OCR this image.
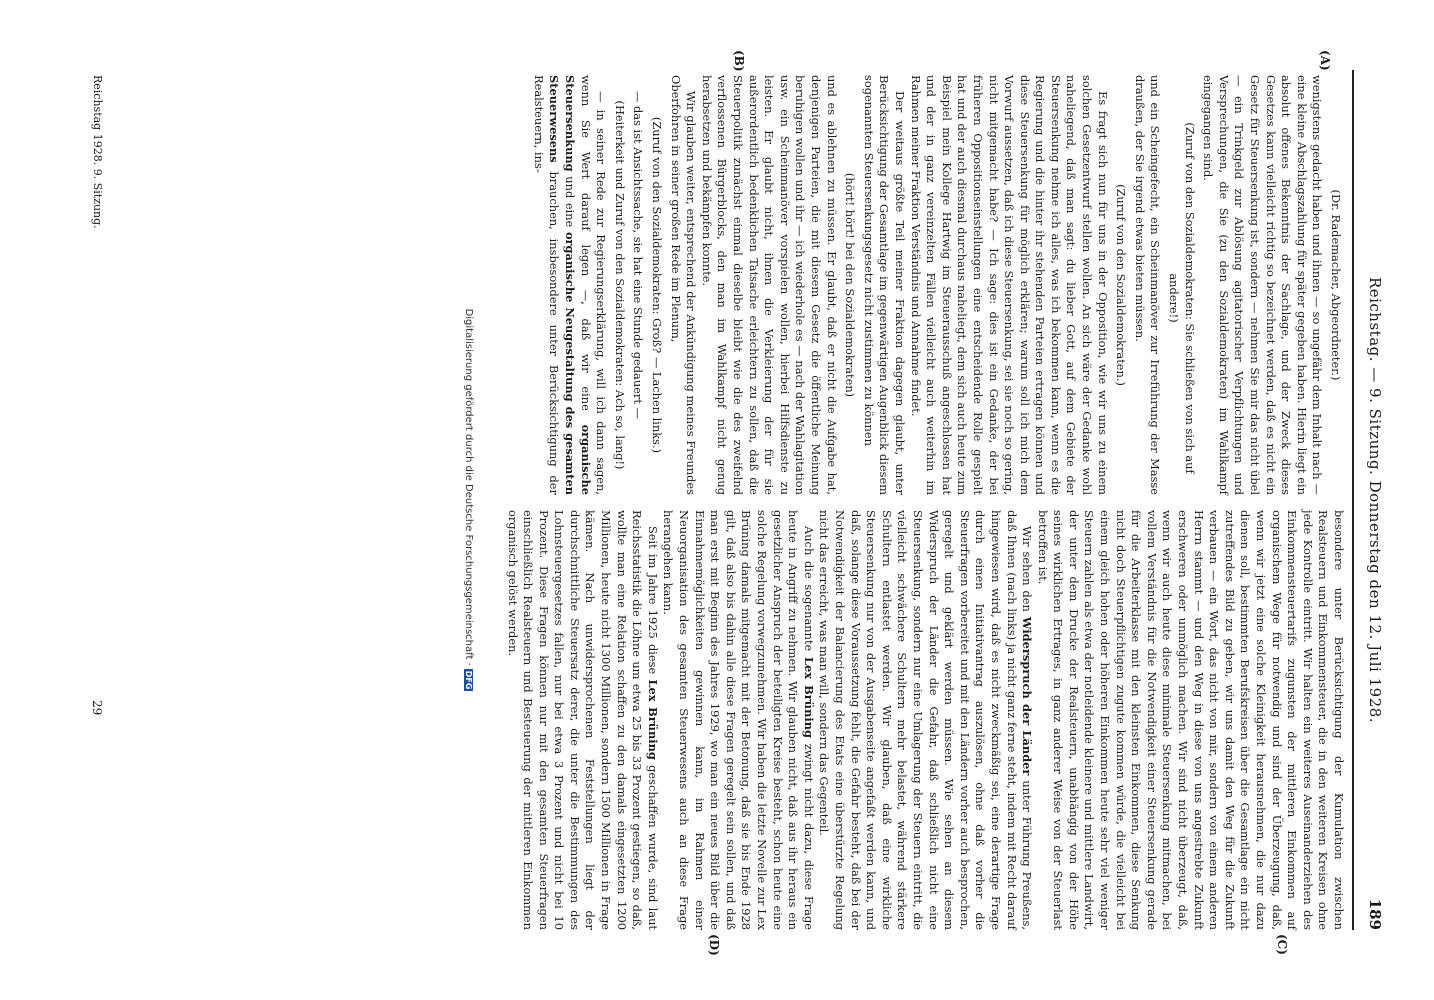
Reichstag. — 9. Sitzung. Donnerstag den 12. Juli 1928.
189
(A)
(B)
(C)
(D)

(Dr. Rademacher, Abgeordneter.)

wenigstens gedacht haben und ihnen — so ungefähr dem Inhalt nach — eine kleine Abschlagszahlung für später gegeben haben. Hierin liegt ein absolut offenes Bekenntnis der Sachlage, und der Zweck dieses Gesetzes kann vielleicht richtig so bezeichnet werden, daß es nicht ein Gesetz für Steuersenkung ist, sondern — nehmen Sie mir das nicht übel — ein Trinkgeld zur Ablösung agitatorischer Verpflichtungen und Versprechungen, die Sie (zu den Sozialdemokraten) im Wahlkampf eingegangen sind.

(Zuruf von den Sozialdemokraten: Sie schließen von sich auf andere!)

und ein Scheingefecht, ein Scheinmanöver zur Irreführung der Masse draußen, der Sie irgend etwas bieten müssen.

(Zuruf von den Sozialdemokraten.)

Es fragt sich nun für uns in der Opposition, wie wir uns zu einem solchen Gesetzentwurf stellen wollen. An sich wäre der Gedanke wohl naheliegend, daß man sagt: du lieber Gott, auf dem Gebiete der Steuersenkung nehme ich alles, was ich bekommen kann, wenn es die Regierung und die hinter ihr stehenden Parteien ertragen können und diese Steuersenkung für möglich erklären; warum soll ich mich dem Vorwurf aussetzen, daß ich diese Steuersenkung, sei sie noch so gering, nicht mitgemacht habe? — Ich sage: dies ist ein Gedanke, der bei früheren Oppositionseinstellungen eine entscheidende Rolle gespielt hat und der auch diesmal durchaus naheliegt, dem sich auch heute zum Beispiel mein Kollege Hartwig im Steuerausschuß angeschlossen hat und der in ganz vereinzelten Fällen vielleicht auch weiterhin im Rahmen meiner Fraktion Verständnis und Annahme findet.

Der weitaus größte Teil meiner Fraktion dagegen glaubt, unter Berücksichtigung der Gesamtlage im gegenwärtigen Augenblick diesem sogenannten Steuersenkungsgesetz nicht zustimmen zu können

(hört! hört! bei den Sozialdemokraten)

und es ablehnen zu müssen. Er glaubt, daß er nicht die Aufgabe hat, denjenigen Parteien, die mit diesem Gesetz die öffentliche Meinung beruhigen wollen und ihr — ich wiederhole es — nach der Wahlagitation usw. ein Scheinmanöver vorspielen wollen, hierbei Hilfsdienste zu leisten. Er glaubt nicht, ihnen die Verkleierung der für sie außerordentlich bedenklichen Tatsache erleichtern zu sollen, daß die Steuerpolitik zunächst einmal dieselbe bleibt wie die des zweifelnd verflossenen Bürgerblocks, den man im Wahlkampf nicht genug herabsetzen und bekämpfen konnte.

Wir glauben weiter, entsprechend der Ankündigung meines Freundes Oberfohren in seiner großen Rede im Plenum,

(Zuruf von den Sozialdemokraten: Groß? — Lachen links.)

— das ist Ansichtssache, sie hat eine Stunde gedauert —

(Heiterkeit und Zuruf von den Sozialdemokraten: Ach so, lang!)

— in seiner Rede zur Regierungserklärung, will ich dann sagen, wenn Sie Wert darauf legen —, daß wir eine organische Steuersenkung und eine organische Neugestaltung des gesamten Steuerwesens brauchen, insbesondere unter Berücksichtigung der Realsteuern, ins-

besondere unter Berücksichtigung der Kumulation zwischen Realsteuern und Einkommensteuer, die in den weiteren Kreisen ohne jede Kontrolle eintritt. Wir halten ein weiteres Auseinanderziehen des Einkommensteuertarifs zugunsten der mittleren Einkommen auf organischem Wege für notwendig und sind der Überzeugung, daß, wenn wir jetzt eine solche Kleinigkeit herausnehmen, die nur dazu dienen soll, bestimmten Berufskreisen über die Gesamtlage ein nicht zutreffendes Bild zu geben, wir uns damit den Weg für die Zukunft verbauen — ein Wort, das nicht von mir, sondern von einem anderen Herrn stammt — und den Weg in diese von uns angestrebte Zukunft erschweren oder unmöglich machen. Wir sind nicht überzeugt, daß, wenn wir auch heute diese minimale Steuersenkung mitmachen, bei vollem Verständnis für die Notwendigkeit einer Steuersenkung gerade für die Arbeiterklasse mit den kleinsten Einkommen, diese Senkung nicht doch Steuerpflichtigen zugute kommen würde, die vielleicht bei einem gleich hohen oder höheren Einkommen heute sehr viel weniger Steuern zahlen als etwa der notleidende kleinere und mittlere Landwirt, der unter dem Drucke der Realsteuern, unabhängig von der Höhe seines wirklichen Ertrages, in ganz anderer Weise von der Steuerlast betroffen ist.

Wir sehen den Widerspruch der Länder unter Führung Preußens, daß Ihnen (nach links) ja nicht ganz ferne steht, indem mit Recht darauf hingewiesen wird, daß es nicht zweckmäßig sei, eine derartige Frage durch einen Initiativantrag auszulösen, ohne daß vorher die Steuerfragen vorbereitet und mit den Ländern vorher auch besprochen, geregelt und geklärt werden müssen. Wie sehen an diesem Widerspruch der Länder die Gefahr, daß schließlich nicht eine Steuersenkung, sondern nur eine Umlagerung der Steuern eintritt, die vielleicht schwächere Schultern mehr belastet, während stärkere Schultern entlastet werden. Wir glauben, daß eine wirkliche Steuersenkung nur von der Ausgabenseite angefaßt werden kann, und daß, solange diese Voraussetzung fehlt, die Gefahr besteht, daß bei der Notwendigkeit der Balancierung des Etats eine überstürzte Regelung nicht das erreicht, was man will, sondern das Gegenteil.

Auch die sogenannte Lex Brüning zwingt nicht dazu, diese Frage heute in Angriff zu nehmen. Wir glauben nicht, daß aus ihr heraus ein gesetzlicher Anspruch der beteiligten Kreise besteht, schon heute eine solche Regelung vorwegzunehmen. Wir haben die letzte Novelle zur Lex Brüning damals mitgemacht mit der Betonung, daß sie bis Ende 1928 gilt, daß also bis dahin alle diese Fragen geregelt sein sollen, und daß man erst mit Beginn des Jahres 1929, wo man ein neues Bild über die Einnahmemöglichkeiten gewinnen kann, im Rahmen einer Neuorganisation des gesamten Steuerwesens auch an diese Frage herangehen kann.

Seit im Jahre 1925 diese Lex Brüning geschaffen wurde, sind laut Reichsstatistik die Löhne um etwa 25 bis 33 Prozent gestiegen, so daß, wollte man eine Relation schaffen zu den damals eingesetzten 1200 Millionen, heute nicht 1300 Millionen, sondern 1500 Millionen in Frage kämen. Nach unwidersprochenen Feststellungen liegt der durchschnittliche Steuersatz derer, die unter die Bestimmungen des Lohnsteuergesetzes fallen, nur bei etwa 3 Prozent und nicht bei 10 Prozent. Diese Fragen können nur mit den gesamten Steuerfragen einschließlich Realsteuern und Besteuerung der mittleren Einkommen organisch gelöst werden.

Reichstag 1928. 9. Sitzung.
29
Digitalisierung gefördert durch die Deutsche Forschungsgemeinschaft ·DFG
